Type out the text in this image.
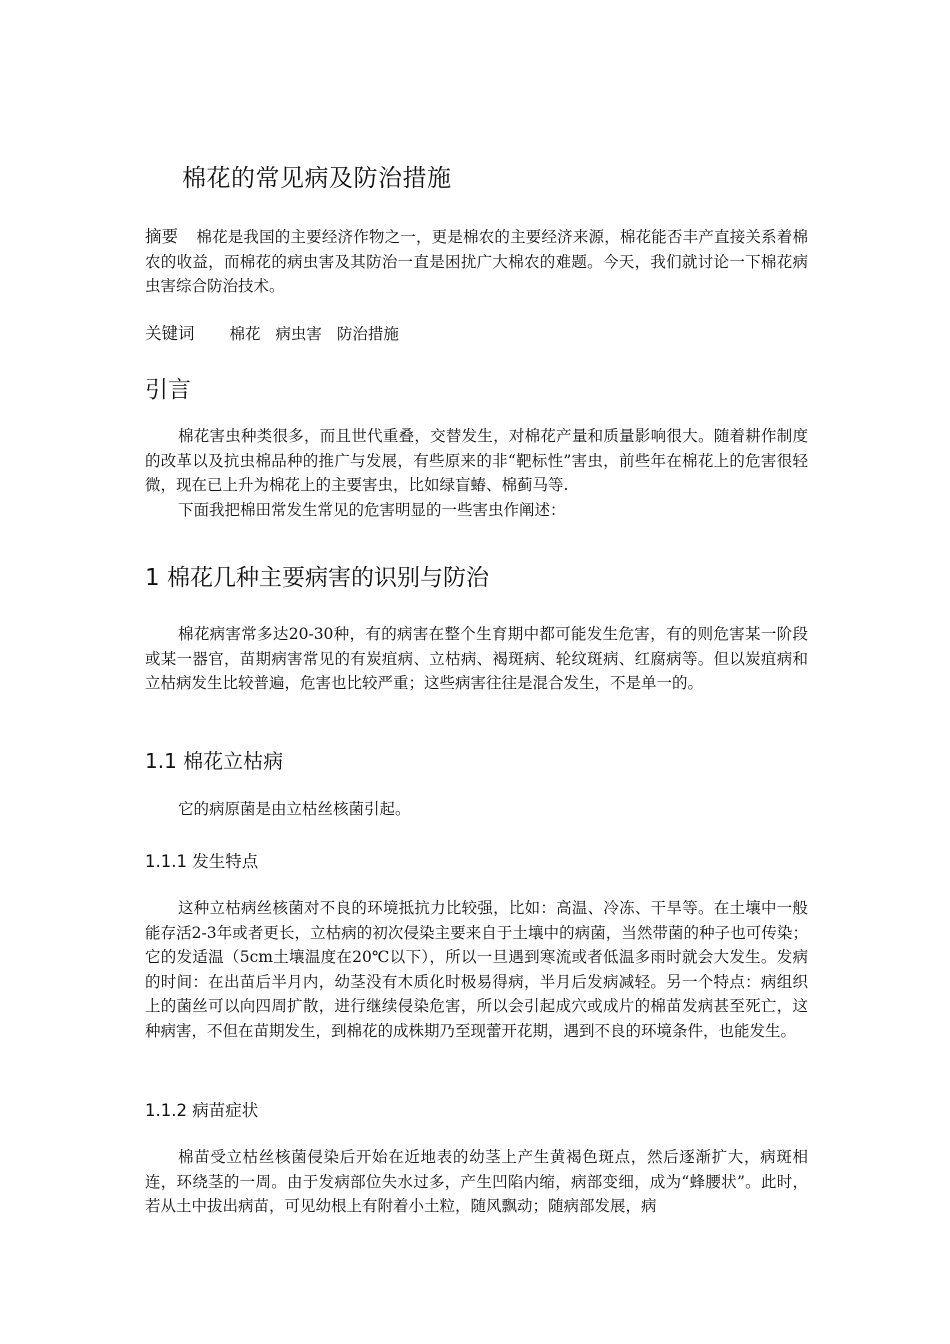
棉花的常见病及防治措施

摘要 棉花是我国的主要经济作物之一，更是棉农的主要经济来源，棉花能否丰产直接关系着棉农的收益，而棉花的病虫害及其防治一直是困扰广大棉农的难题。今天，我们就讨论一下棉花病虫害综合防治技术。

关键词 棉花 病虫害 防治措施
引言

棉花害虫种类很多，而且世代重叠，交替发生，对棉花产量和质量影响很大。随着耕作制度的改革以及抗虫棉品种的推广与发展，有些原来的非“靶标性”害虫，前些年在棉花上的危害很轻微，现在已上升为棉花上的主要害虫，比如绿盲蝽、棉蓟马等.

下面我把棉田常发生常见的危害明显的一些害虫作阐述：

1 棉花几种主要病害的识别与防治

棉花病害常多达20-30种，有的病害在整个生育期中都可能发生危害，有的则危害某一阶段或某一器官，苗期病害常见的有炭疽病、立枯病、褐斑病、轮纹斑病、红腐病等。但以炭疽病和立枯病发生比较普遍，危害也比较严重；这些病害往往是混合发生，不是单一的。

1.1 棉花立枯病

它的病原菌是由立枯丝核菌引起。

1.1.1 发生特点

这种立枯病丝核菌对不良的环境抵抗力比较强，比如：高温、冷冻、干旱等。在土壤中一般能存活2-3年或者更长，立枯病的初次侵染主要来自于土壤中的病菌，当然带菌的种子也可传染；它的发适温（5cm土壤温度在20℃以下），所以一旦遇到寒流或者低温多雨时就会大发生。发病的时间：在出苗后半月内，幼茎没有木质化时极易得病，半月后发病减轻。另一个特点：病组织上的菌丝可以向四周扩散，进行继续侵染危害，所以会引起成穴或成片的棉苗发病甚至死亡，这种病害，不但在苗期发生，到棉花的成株期乃至现蕾开花期，遇到不良的环境条件，也能发生。

1.1.2 病苗症状

棉苗受立枯丝核菌侵染后开始在近地表的幼茎上产生黄褐色斑点，然后逐渐扩大，病斑相连，环绕茎的一周。由于发病部位失水过多，产生凹陷内缩，病部变细，成为“蜂腰状”。此时，若从土中拔出病苗，可见幼根上有附着小土粒，随风飘动；随病部发展，病
